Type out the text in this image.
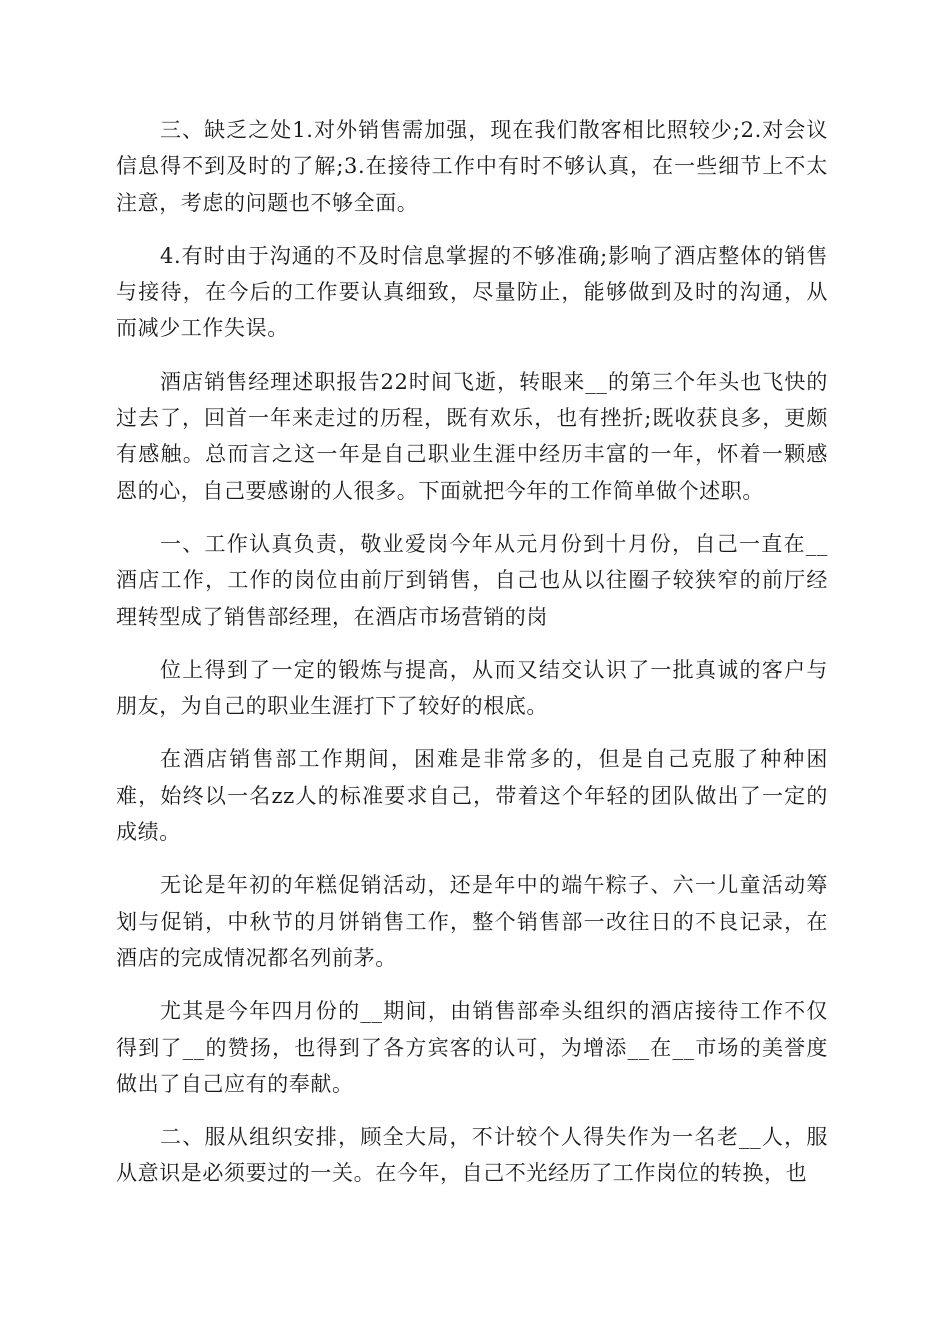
三、缺乏之处1.对外销售需加强，现在我们散客相比照较少;2.对会议信息得不到及时的了解;3.在接待工作中有时不够认真，在一些细节上不太注意，考虑的问题也不够全面。

4.有时由于沟通的不及时信息掌握的不够准确;影响了酒店整体的销售与接待，在今后的工作要认真细致，尽量防止，能够做到及时的沟通，从而减少工作失误。

酒店销售经理述职报告22时间飞逝，转眼来__的第三个年头也飞快的过去了，回首一年来走过的历程，既有欢乐，也有挫折;既收获良多，更颇有感触。总而言之这一年是自己职业生涯中经历丰富的一年，怀着一颗感恩的心，自己要感谢的人很多。下面就把今年的工作简单做个述职。

一、工作认真负责，敬业爱岗今年从元月份到十月份，自己一直在__酒店工作，工作的岗位由前厅到销售，自己也从以往圈子较狭窄的前厅经理转型成了销售部经理，在酒店市场营销的岗

位上得到了一定的锻炼与提高，从而又结交认识了一批真诚的客户与朋友，为自己的职业生涯打下了较好的根底。

在酒店销售部工作期间，困难是非常多的，但是自己克服了种种困难，始终以一名zz人的标准要求自己，带着这个年轻的团队做出了一定的成绩。

无论是年初的年糕促销活动，还是年中的端午粽子、六一儿童活动筹划与促销，中秋节的月饼销售工作，整个销售部一改往日的不良记录，在酒店的完成情况都名列前茅。

尤其是今年四月份的__期间，由销售部牵头组织的酒店接待工作不仅得到了__的赞扬，也得到了各方宾客的认可，为增添__在__市场的美誉度做出了自己应有的奉献。

二、服从组织安排，顾全大局，不计较个人得失作为一名老__人，服从意识是必须要过的一关。在今年，自己不光经历了工作岗位的转换，也
